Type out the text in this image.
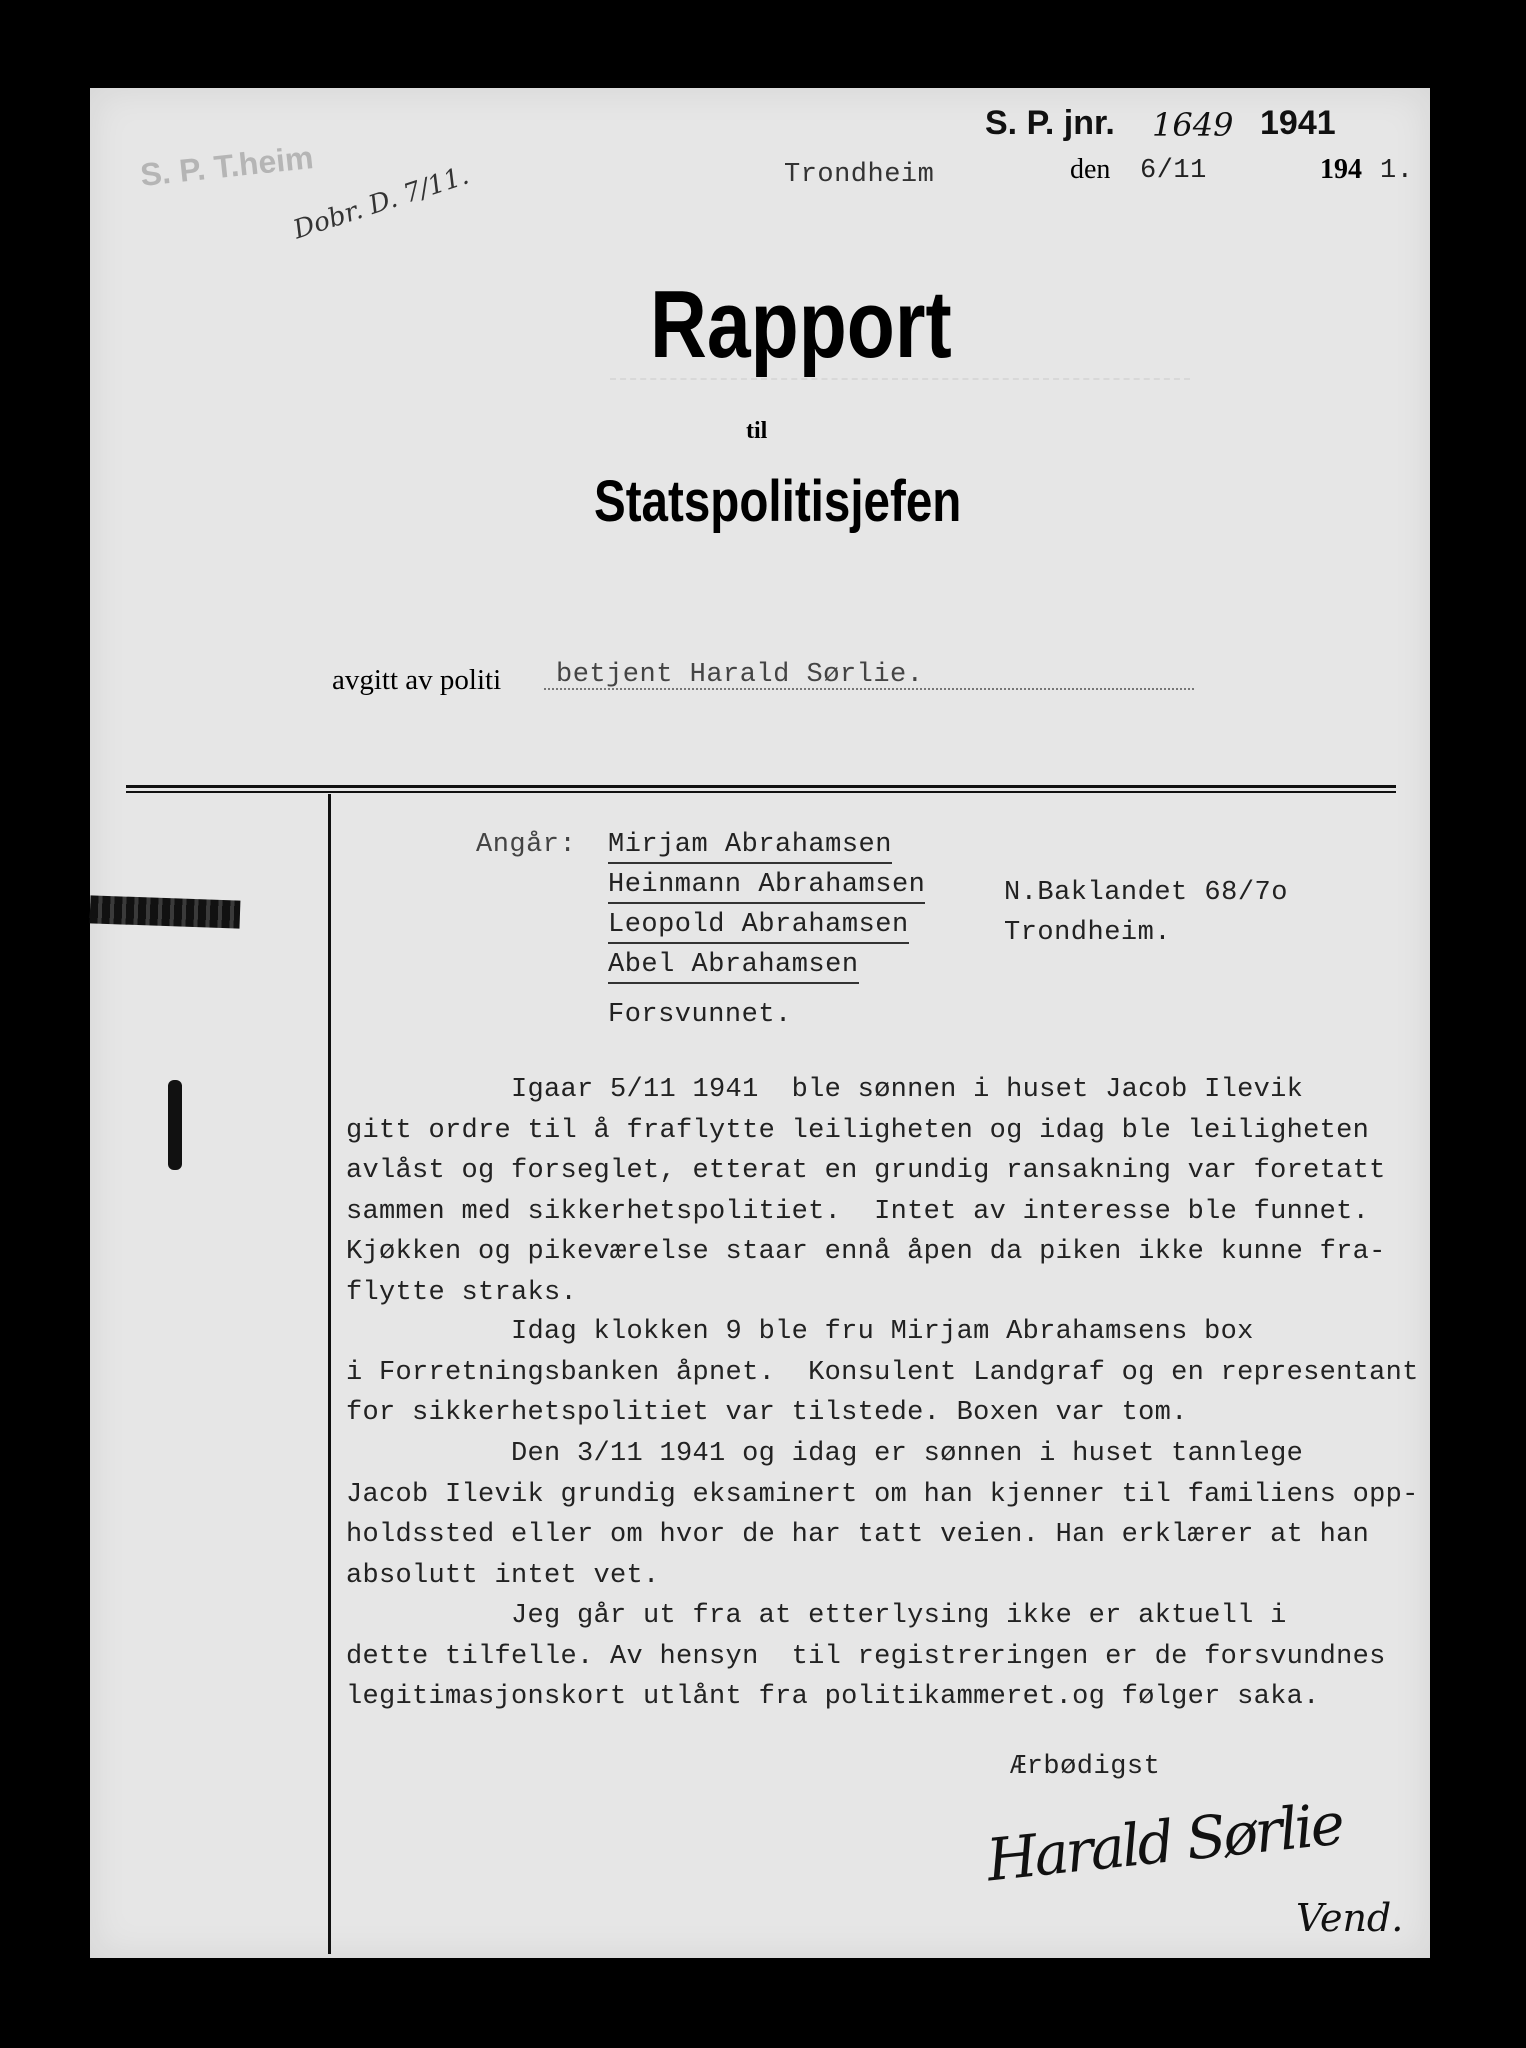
S. P. T.heim
Dobr. D. 7/11.
S. P. jnr. 1649 1941
Trondheim	den 6/11	194 1.
Rapport
til
Statspolitisjefen
avgitt av politi betjent Harald Sørlie.
Angår: Mirjam Abrahamsen
Heinmann Abrahamsen
Leopold Abrahamsen
Abel Abrahamsen
N.Baklandet 68/7o
Trondheim.
Forsvunnet.
Igaar 5/11 1941  ble sønnen i huset Jacob Ilevik
gitt ordre til å fraflytte leiligheten og idag ble leiligheten
avlåst og forseglet, etterat en grundig ransakning var foretatt
sammen med sikkerhetspolitiet.  Intet av interesse ble funnet.
Kjøkken og pikeværelse staar ennå åpen da piken ikke kunne fra-
flytte straks.
Idag klokken 9 ble fru Mirjam Abrahamsens box
i Forretningsbanken åpnet.  Konsulent Landgraf og en representant
for sikkerhetspolitiet var tilstede. Boxen var tom.
Den 3/11 1941 og idag er sønnen i huset tannlege
Jacob Ilevik grundig eksaminert om han kjenner til familiens opp-
holdssted eller om hvor de har tatt veien. Han erklærer at han
absolutt intet vet.
Jeg går ut fra at etterlysing ikke er aktuell i
dette tilfelle. Av hensyn  til registreringen er de forsvundnes
legitimasjonskort utlånt fra politikammeret.og følger saka.
Ærbødigst
Harald Sørlie
Vend.
